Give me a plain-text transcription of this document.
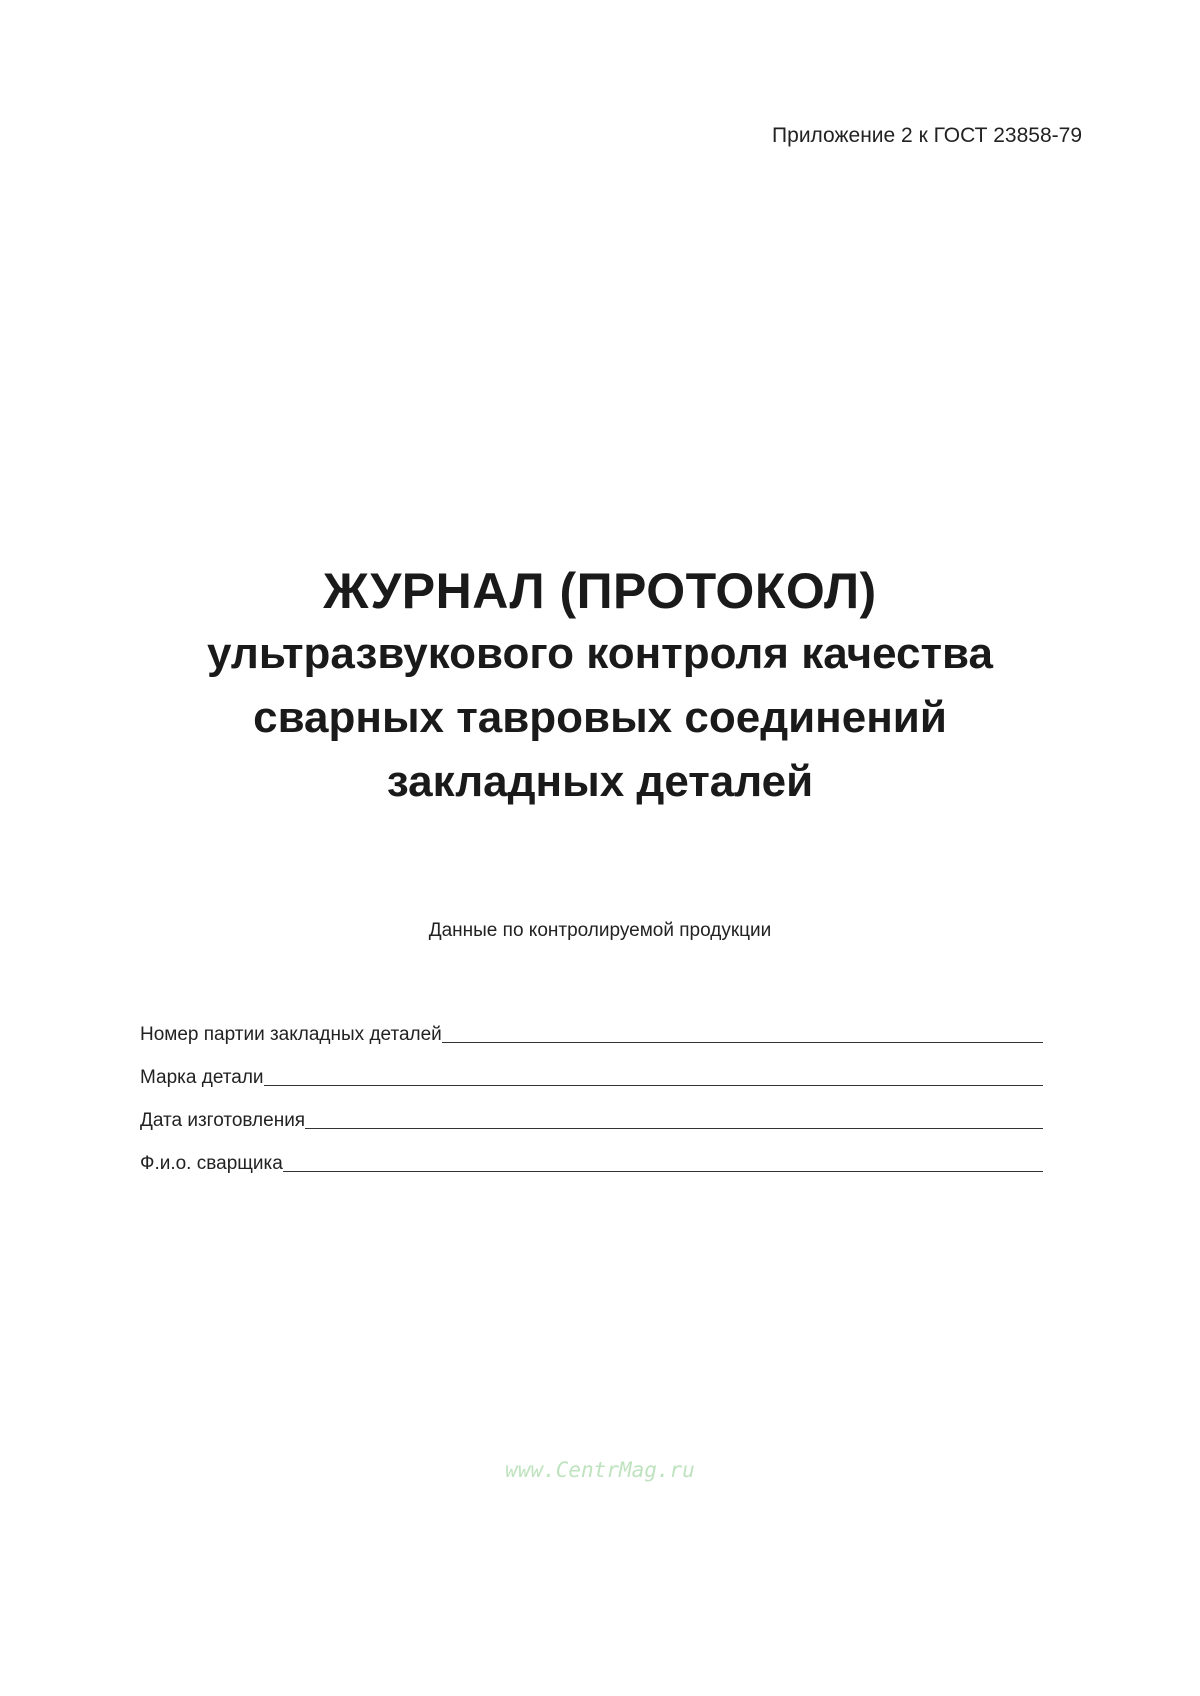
Приложение 2 к ГОСТ 23858-79
ЖУРНАЛ (ПРОТОКОЛ)
ультразвукового контроля качества
сварных тавровых соединений
закладных деталей
Данные по контролируемой продукции
Номер партии закладных деталей
Марка детали
Дата изготовления
Ф.и.о. сварщика
www.CentrMag.ru
